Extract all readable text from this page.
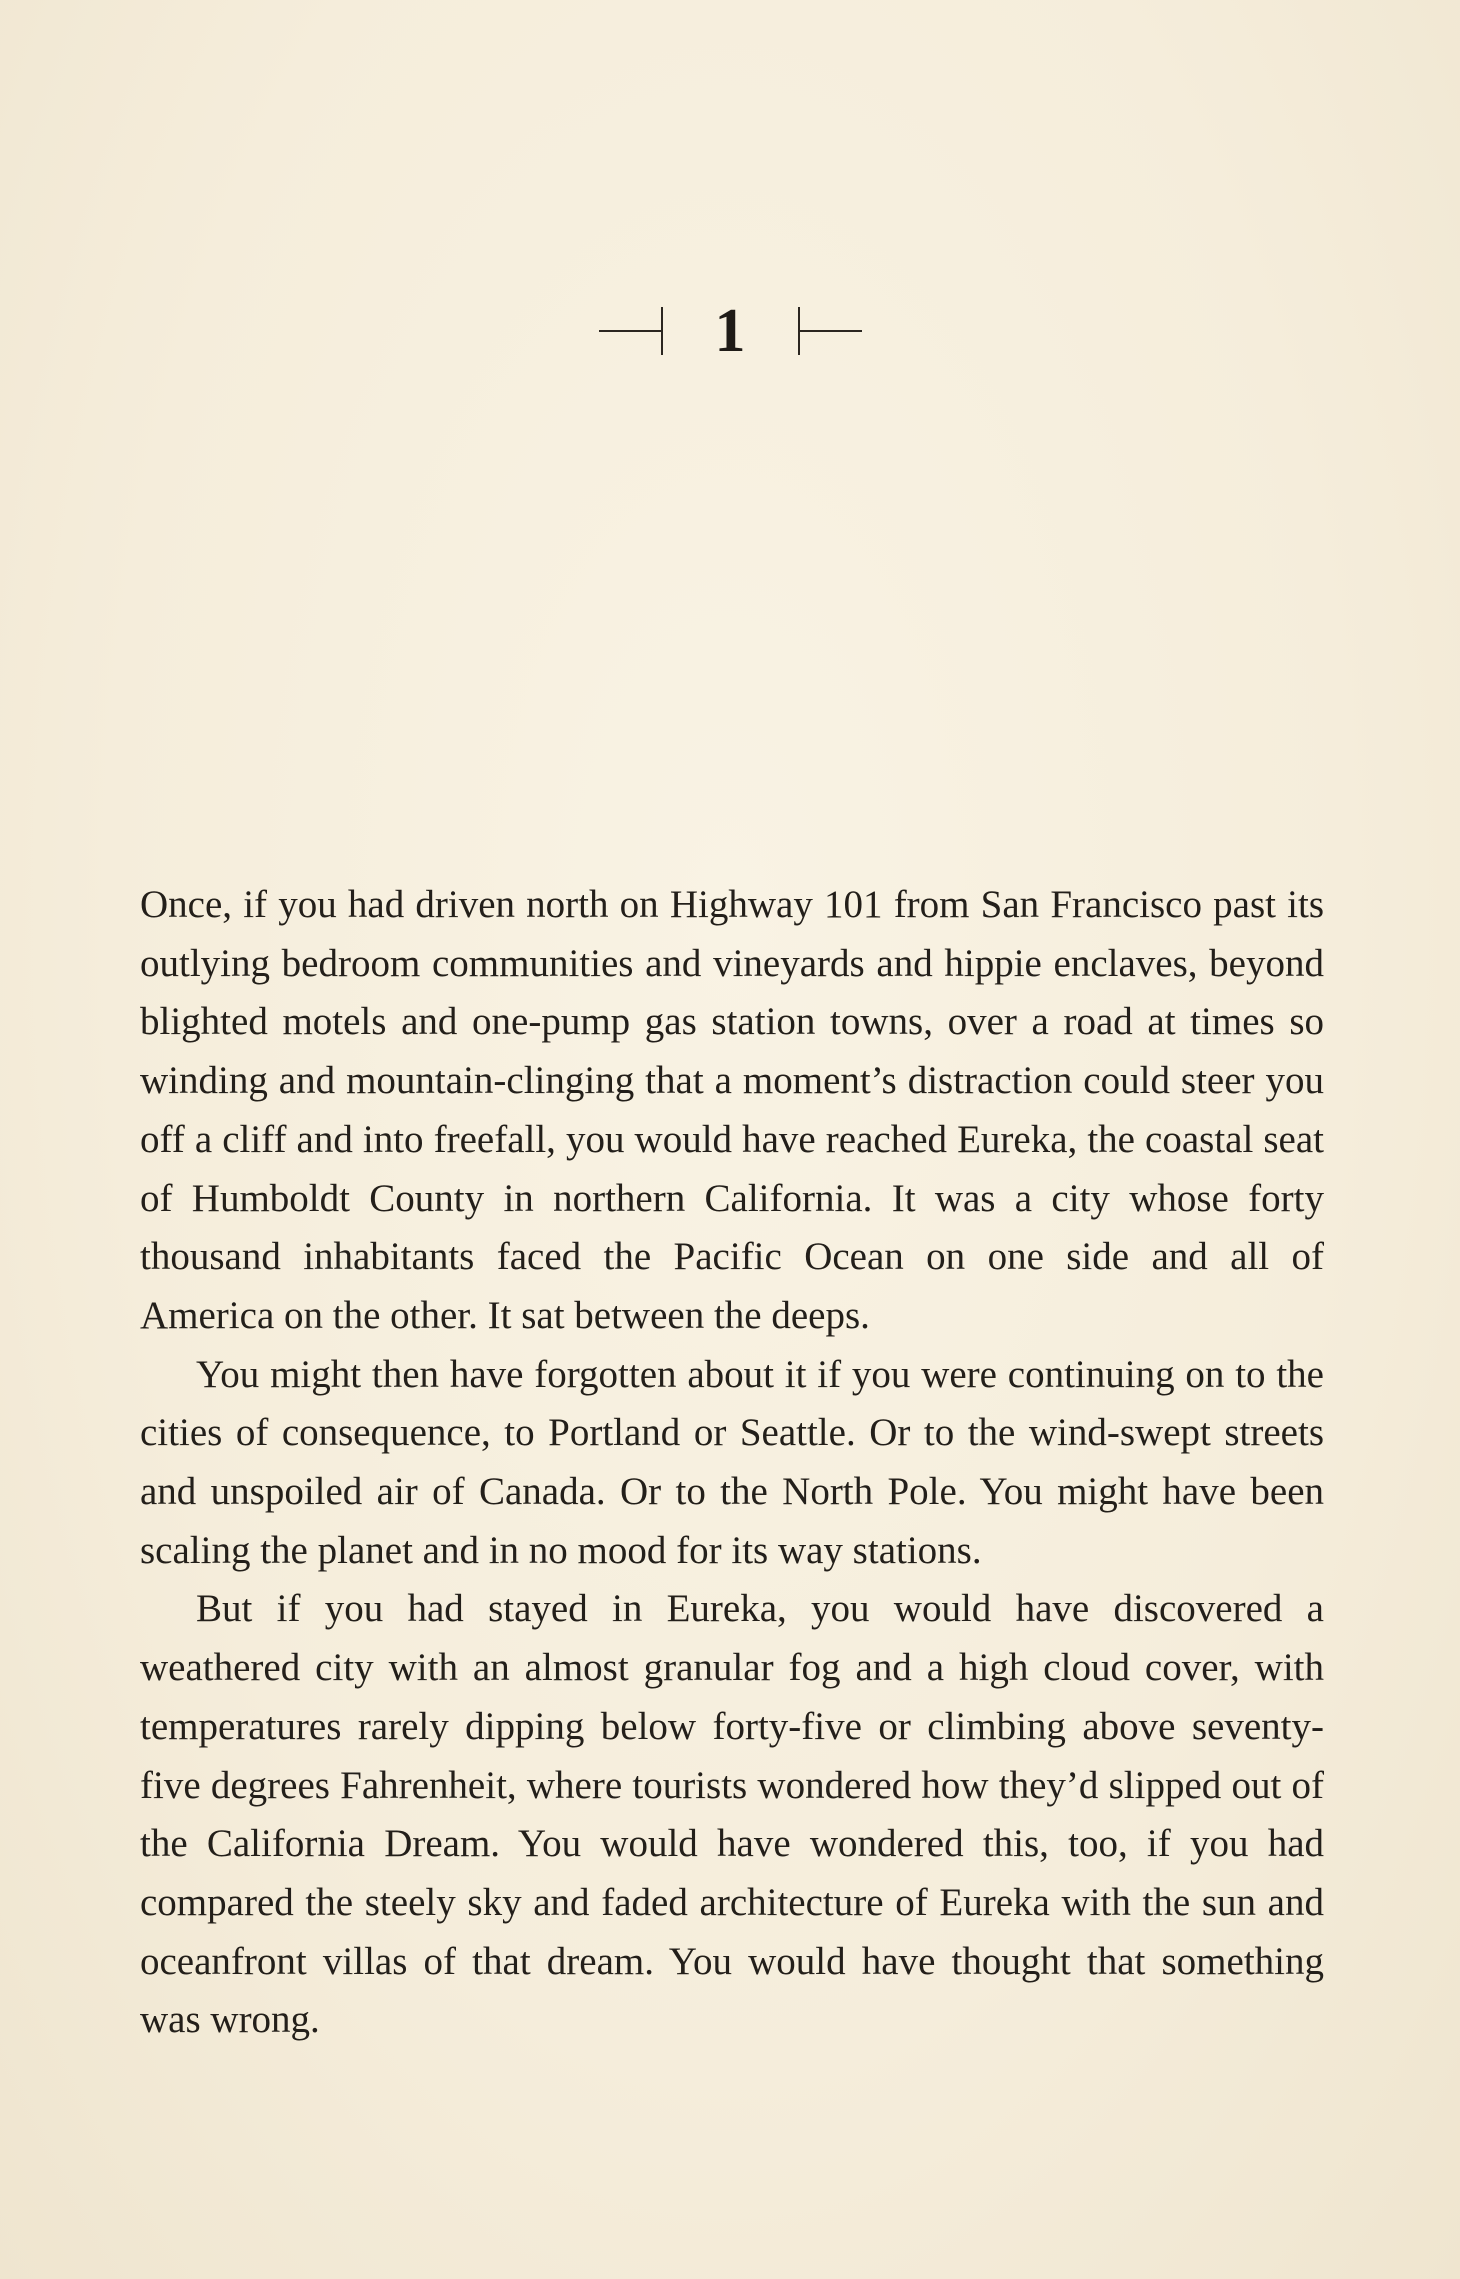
1

Once, if you had driven north on Highway 101 from San Francisco past its outlying bedroom communities and vineyards and hippie enclaves, beyond blighted motels and one-pump gas station towns, over a road at times so winding and mountain-clinging that a moment’s distraction could steer you off a cliff and into freefall, you would have reached Eureka, the coastal seat of Humboldt County in northern California. It was a city whose forty thousand inhabitants faced the Pacific Ocean on one side and all of America on the other. It sat between the deeps.

You might then have forgotten about it if you were continuing on to the cities of consequence, to Portland or Seattle. Or to the wind-swept streets and unspoiled air of Canada. Or to the North Pole. You might have been scaling the planet and in no mood for its way stations.

But if you had stayed in Eureka, you would have discovered a weathered city with an almost granular fog and a high cloud cover, with temperatures rarely dipping below forty-five or climbing above seventy-five degrees Fahrenheit, where tourists wondered how they’d slipped out of the California Dream. You would have wondered this, too, if you had compared the steely sky and faded architecture of Eureka with the sun and oceanfront villas of that dream. You would have thought that something was wrong.
